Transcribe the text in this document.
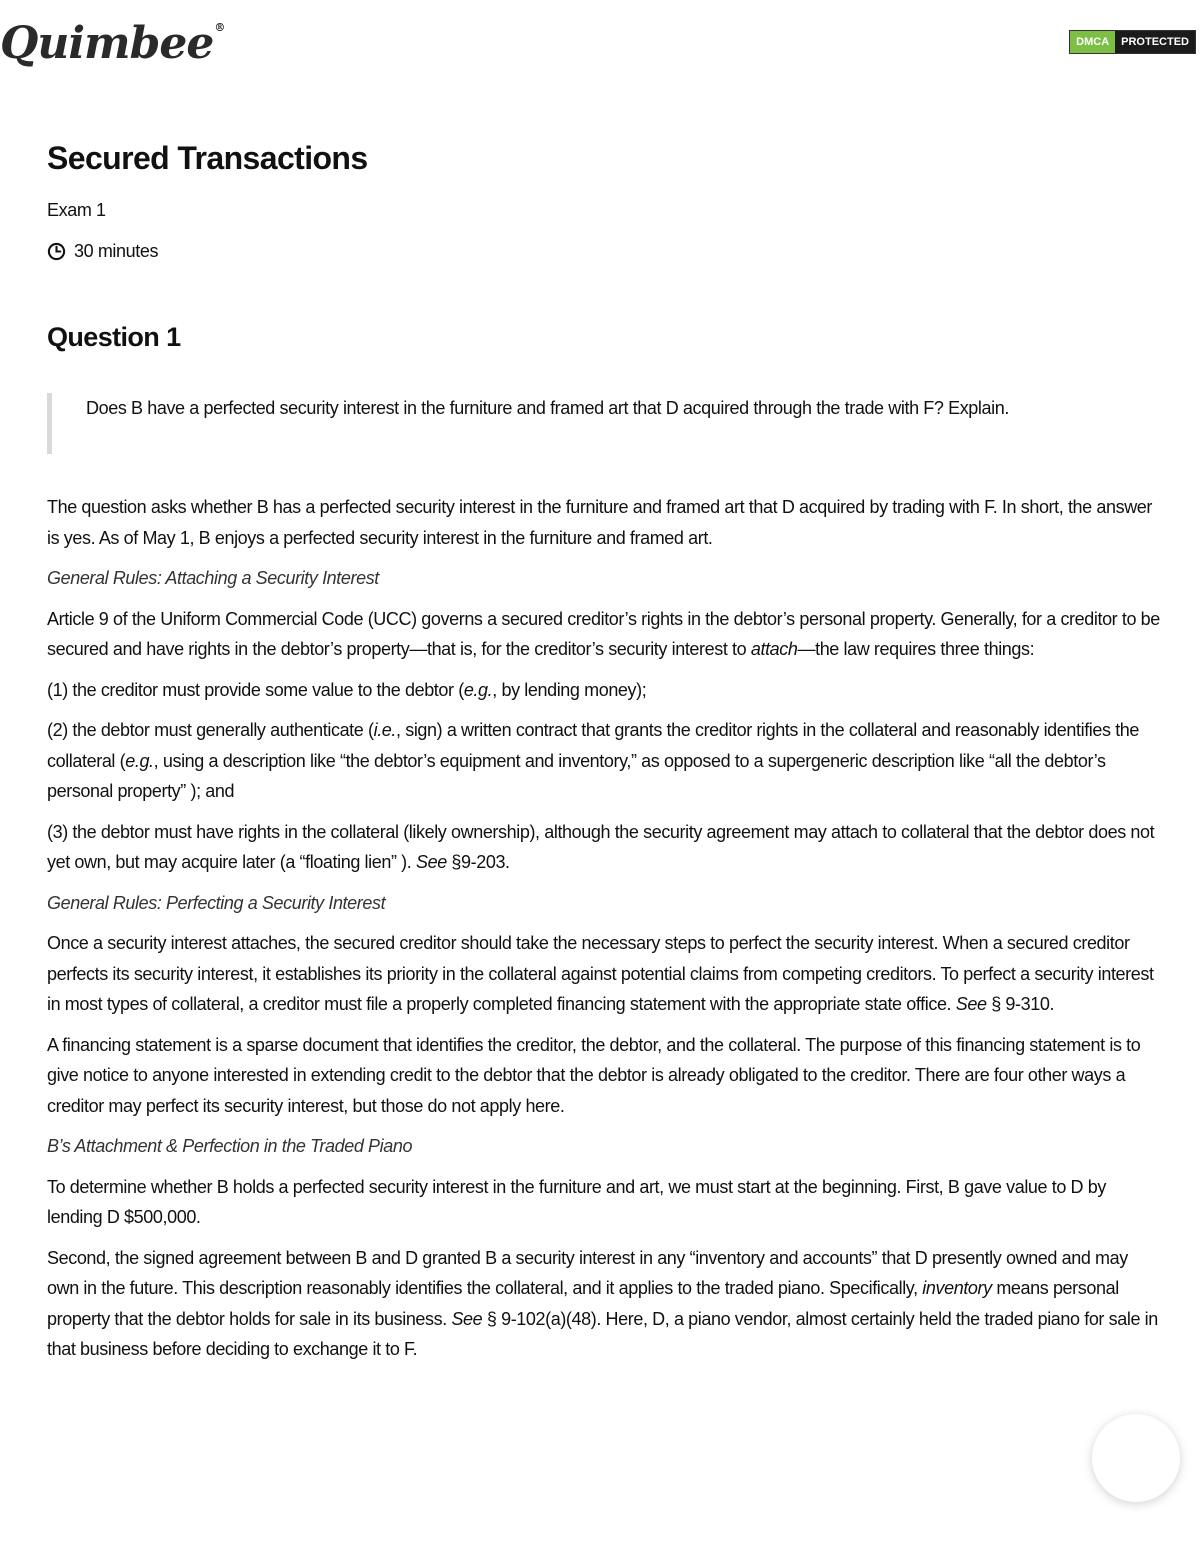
Quimbee®
DMCA	PROTECTED
Secured Transactions
Exam 1
30 minutes
Question 1
Does B have a perfected security interest in the furniture and framed art that D acquired through the trade with F? Explain.

The question asks whether B has a perfected security interest in the furniture and framed art that D acquired by trading with F. In short, the answer is yes. As of May 1, B enjoys a perfected security interest in the furniture and framed art.

General Rules: Attaching a Security Interest

Article 9 of the Uniform Commercial Code (UCC) governs a secured creditor’s rights in the debtor’s personal property. Generally, for a creditor to be secured and have rights in the debtor’s property—that is, for the creditor’s security interest to attach—the law requires three things:

(1) the creditor must provide some value to the debtor (e.g., by lending money);

(2) the debtor must generally authenticate (i.e., sign) a written contract that grants the creditor rights in the collateral and reasonably identifies the collateral (e.g., using a description like “the debtor’s equipment and inventory,” as opposed to a supergeneric description like “all the debtor’s personal property” ); and

(3) the debtor must have rights in the collateral (likely ownership), although the security agreement may attach to collateral that the debtor does not yet own, but may acquire later (a “floating lien” ). See §9-203.

General Rules: Perfecting a Security Interest

Once a security interest attaches, the secured creditor should take the necessary steps to perfect the security interest. When a secured creditor perfects its security interest, it establishes its priority in the collateral against potential claims from competing creditors. To perfect a security interest in most types of collateral, a creditor must file a properly completed financing statement with the appropriate state office. See § 9-310.

A financing statement is a sparse document that identifies the creditor, the debtor, and the collateral. The purpose of this financing statement is to give notice to anyone interested in extending credit to the debtor that the debtor is already obligated to the creditor. There are four other ways a creditor may perfect its security interest, but those do not apply here.

B’s Attachment & Perfection in the Traded Piano

To determine whether B holds a perfected security interest in the furniture and art, we must start at the beginning. First, B gave value to D by lending D $500,000.

Second, the signed agreement between B and D granted B a security interest in any “inventory and accounts” that D presently owned and may own in the future. This description reasonably identifies the collateral, and it applies to the traded piano. Specifically, inventory means personal property that the debtor holds for sale in its business. See § 9-102(a)(48). Here, D, a piano vendor, almost certainly held the traded piano for sale in that business before deciding to exchange it to F.
